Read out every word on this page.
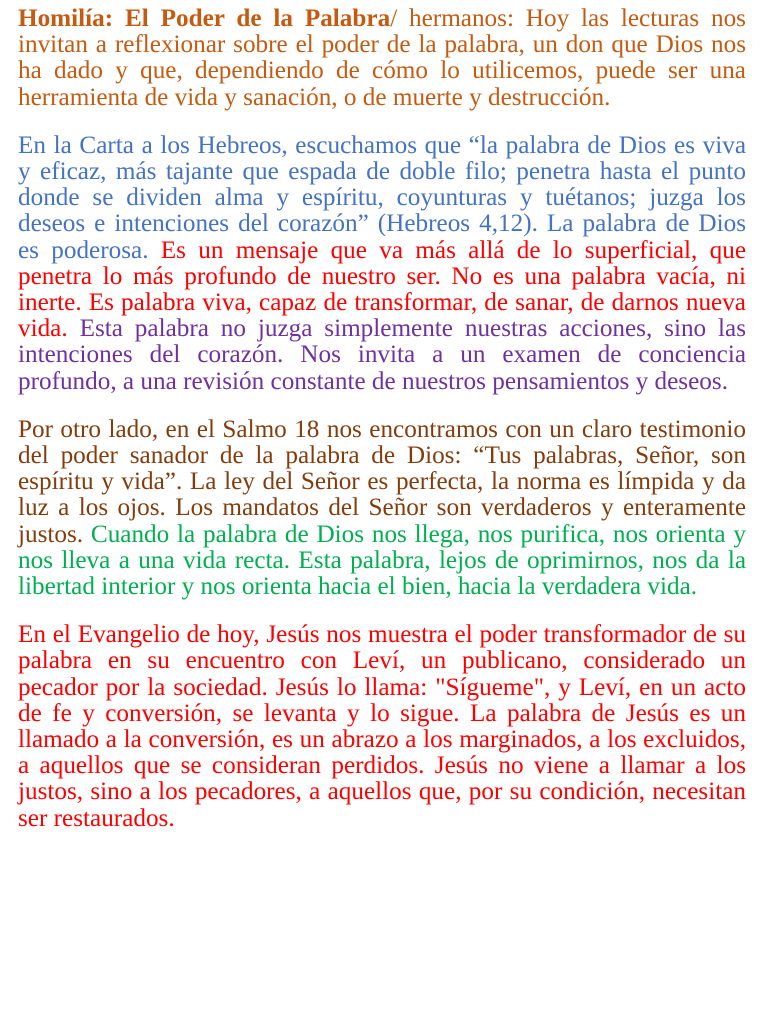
Homilía: El Poder de la Palabra/ hermanos: Hoy las lecturas nos invitan a reflexionar sobre el poder de la palabra, un don que Dios nos ha dado y que, dependiendo de cómo lo utilicemos, puede ser una herramienta de vida y sanación, o de muerte y destrucción.

En la Carta a los Hebreos, escuchamos que “la palabra de Dios es viva y eficaz, más tajante que espada de doble filo; penetra hasta el punto donde se dividen alma y espíritu, coyunturas y tuétanos; juzga los deseos e intenciones del corazón” (Hebreos 4,12). La palabra de Dios es poderosa. Es un mensaje que va más allá de lo superficial, que penetra lo más profundo de nuestro ser. No es una palabra vacía, ni inerte. Es palabra viva, capaz de transformar, de sanar, de darnos nueva vida. Esta palabra no juzga simplemente nuestras acciones, sino las intenciones del corazón. Nos invita a un examen de conciencia profundo, a una revisión constante de nuestros pensamientos y deseos.

Por otro lado, en el Salmo 18 nos encontramos con un claro testimonio del poder sanador de la palabra de Dios: “Tus palabras, Señor, son espíritu y vida”. La ley del Señor es perfecta, la norma es límpida y da luz a los ojos. Los mandatos del Señor son verdaderos y enteramente justos. Cuando la palabra de Dios nos llega, nos purifica, nos orienta y nos lleva a una vida recta. Esta palabra, lejos de oprimirnos, nos da la libertad interior y nos orienta hacia el bien, hacia la verdadera vida.

En el Evangelio de hoy, Jesús nos muestra el poder transformador de su palabra en su encuentro con Leví, un publicano, considerado un pecador por la sociedad. Jesús lo llama: "Sígueme", y Leví, en un acto de fe y conversión, se levanta y lo sigue. La palabra de Jesús es un llamado a la conversión, es un abrazo a los marginados, a los excluidos, a aquellos que se consideran perdidos. Jesús no viene a llamar a los justos, sino a los pecadores, a aquellos que, por su condición, necesitan ser restaurados.
